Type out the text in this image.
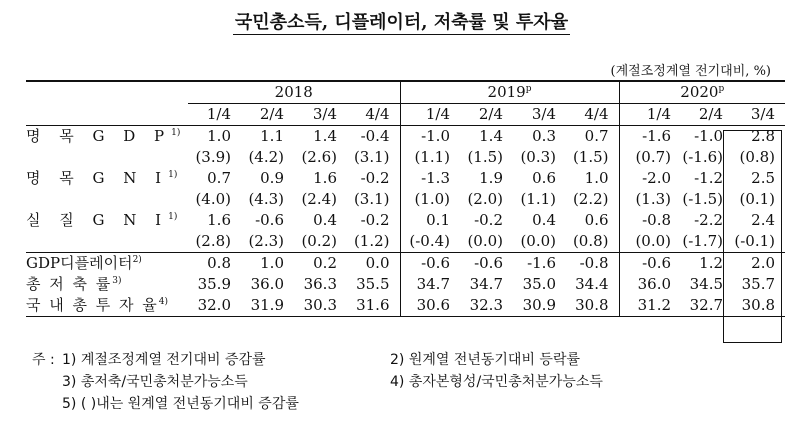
국민총소득, 디플레이터, 저축률 및 투자율
(계절조정계열 전기대비, %)
	2018				2019$^p$				2020$^p$
	1/4	2/4	3/4	4/4	1/4	2/4	3/4	4/4	1/4	2/4	3/4
명 목 G D $P^{1)}$	1.0	1.1	1.4	-0.4	-1.0	1.4	0.3	0.7	-1.6	-1.0	2.8
	(3.9)	(4.2)	(2.6)	(3.1)	(1.1)	(1.5)	(0.3)	(1.5)	(0.7)	(-1.6)	(0.8)
명 목 G N $I^{1)}$	0.7	0.9	1.6	-0.2	-1.3	1.9	0.6	1.0	-2.0	-1.2	2.5
	(4.0)	(4.3)	(2.4)	(3.1)	(1.0)	(2.0)	(1.1)	(2.2)	(1.3)	(-1.5)	(0.1)
실 질 G N $I^{1)}$	1.6	-0.6	0.4	-0.2	0.1	-0.2	0.4	0.6	-0.8	-2.2	2.4
	(2.8)	(2.3)	(0.2)	(1.2)	(-0.4)	(0.0)	(0.0)	(0.8)	(0.0)	(-1.7)	(-0.1)
GDP디플레이터$^{2)}$	0.8	1.0	0.2	0.0	-0.6	-0.6	-1.6	-0.8	-0.6	1.2	2.0
총 저 축 률$^{3)}$	35.9	36.0	36.3	35.5	34.7	34.7	35.0	34.4	36.0	34.5	35.7
국 내 총 투 자 율$^{4)}$	32.0	31.9	30.3	31.6	30.6	32.3	30.9	30.8	31.2	32.7	30.8
주 : 1) 계절조정계열 전기대비 증감률	2) 원계열 전년동기대비 등락률
3) 총저축/국민총처분가능소득	4) 총자본형성/국민총처분가능소득
5) ( )내는 원계열 전년동기대비 증감률
